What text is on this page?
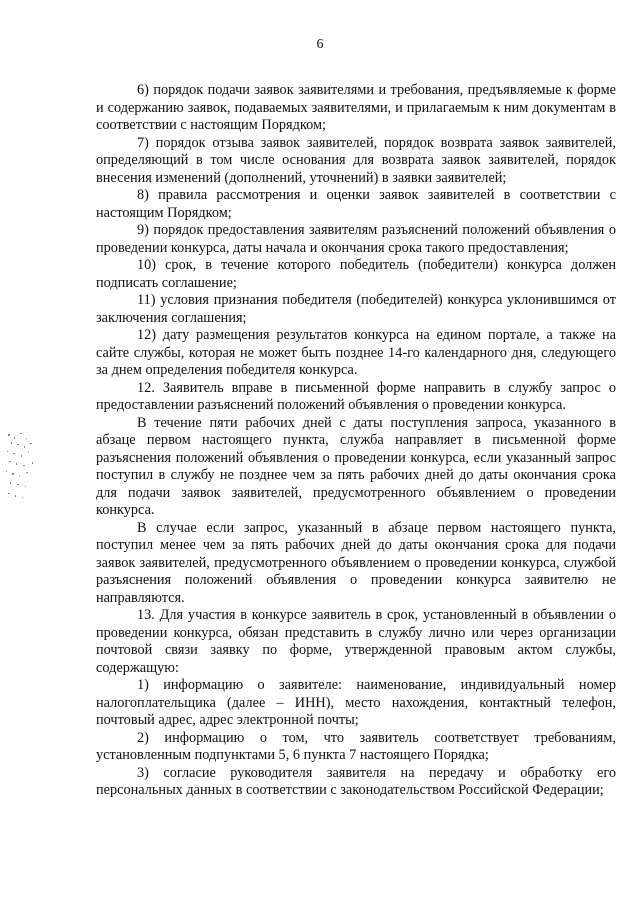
6

6) порядок подачи заявок заявителями и требования, предъявляемые к форме и содержанию заявок, подаваемых заявителями, и прилагаемым к ним документам в соответствии с настоящим Порядком;

7) порядок отзыва заявок заявителей, порядок возврата заявок заявителей, определяющий в том числе основания для возврата заявок заявителей, порядок внесения изменений (дополнений, уточнений) в заявки заявителей;

8) правила рассмотрения и оценки заявок заявителей в соответствии с настоящим Порядком;

9) порядок предоставления заявителям разъяснений положений объявления о проведении конкурса, даты начала и окончания срока такого предоставления;

10) срок, в течение которого победитель (победители) конкурса должен подписать соглашение;

11) условия признания победителя (победителей) конкурса уклонившимся от заключения соглашения;

12) дату размещения результатов конкурса на едином портале, а также на сайте службы, которая не может быть позднее 14-го календарного дня, следующего за днем определения победителя конкурса.

12. Заявитель вправе в письменной форме направить в службу запрос о предоставлении разъяснений положений объявления о проведении конкурса.

В течение пяти рабочих дней с даты поступления запроса, указанного в абзаце первом настоящего пункта, служба направляет в письменной форме разъяснения положений объявления о проведении конкурса, если указанный запрос поступил в службу не позднее чем за пять рабочих дней до даты окончания срока для подачи заявок заявителей, предусмотренного объявлением о проведении конкурса.

В случае если запрос, указанный в абзаце первом настоящего пункта, поступил менее чем за пять рабочих дней до даты окончания срока для подачи заявок заявителей, предусмотренного объявлением о проведении конкурса, службой разъяснения положений объявления о проведении конкурса заявителю не направляются.

13. Для участия в конкурсе заявитель в срок, установленный в объявлении о проведении конкурса, обязан представить в службу лично или через организации почтовой связи заявку по форме, утвержденной правовым актом службы, содержащую:

1) информацию о заявителе: наименование, индивидуальный номер налогоплательщика (далее – ИНН), место нахождения, контактный телефон, почтовый адрес, адрес электронной почты;

2) информацию о том, что заявитель соответствует требованиям, установленным подпунктами 5, 6 пункта 7 настоящего Порядка;

3) согласие руководителя заявителя на передачу и обработку его персональных данных в соответствии с законодательством Российской Федерации;
